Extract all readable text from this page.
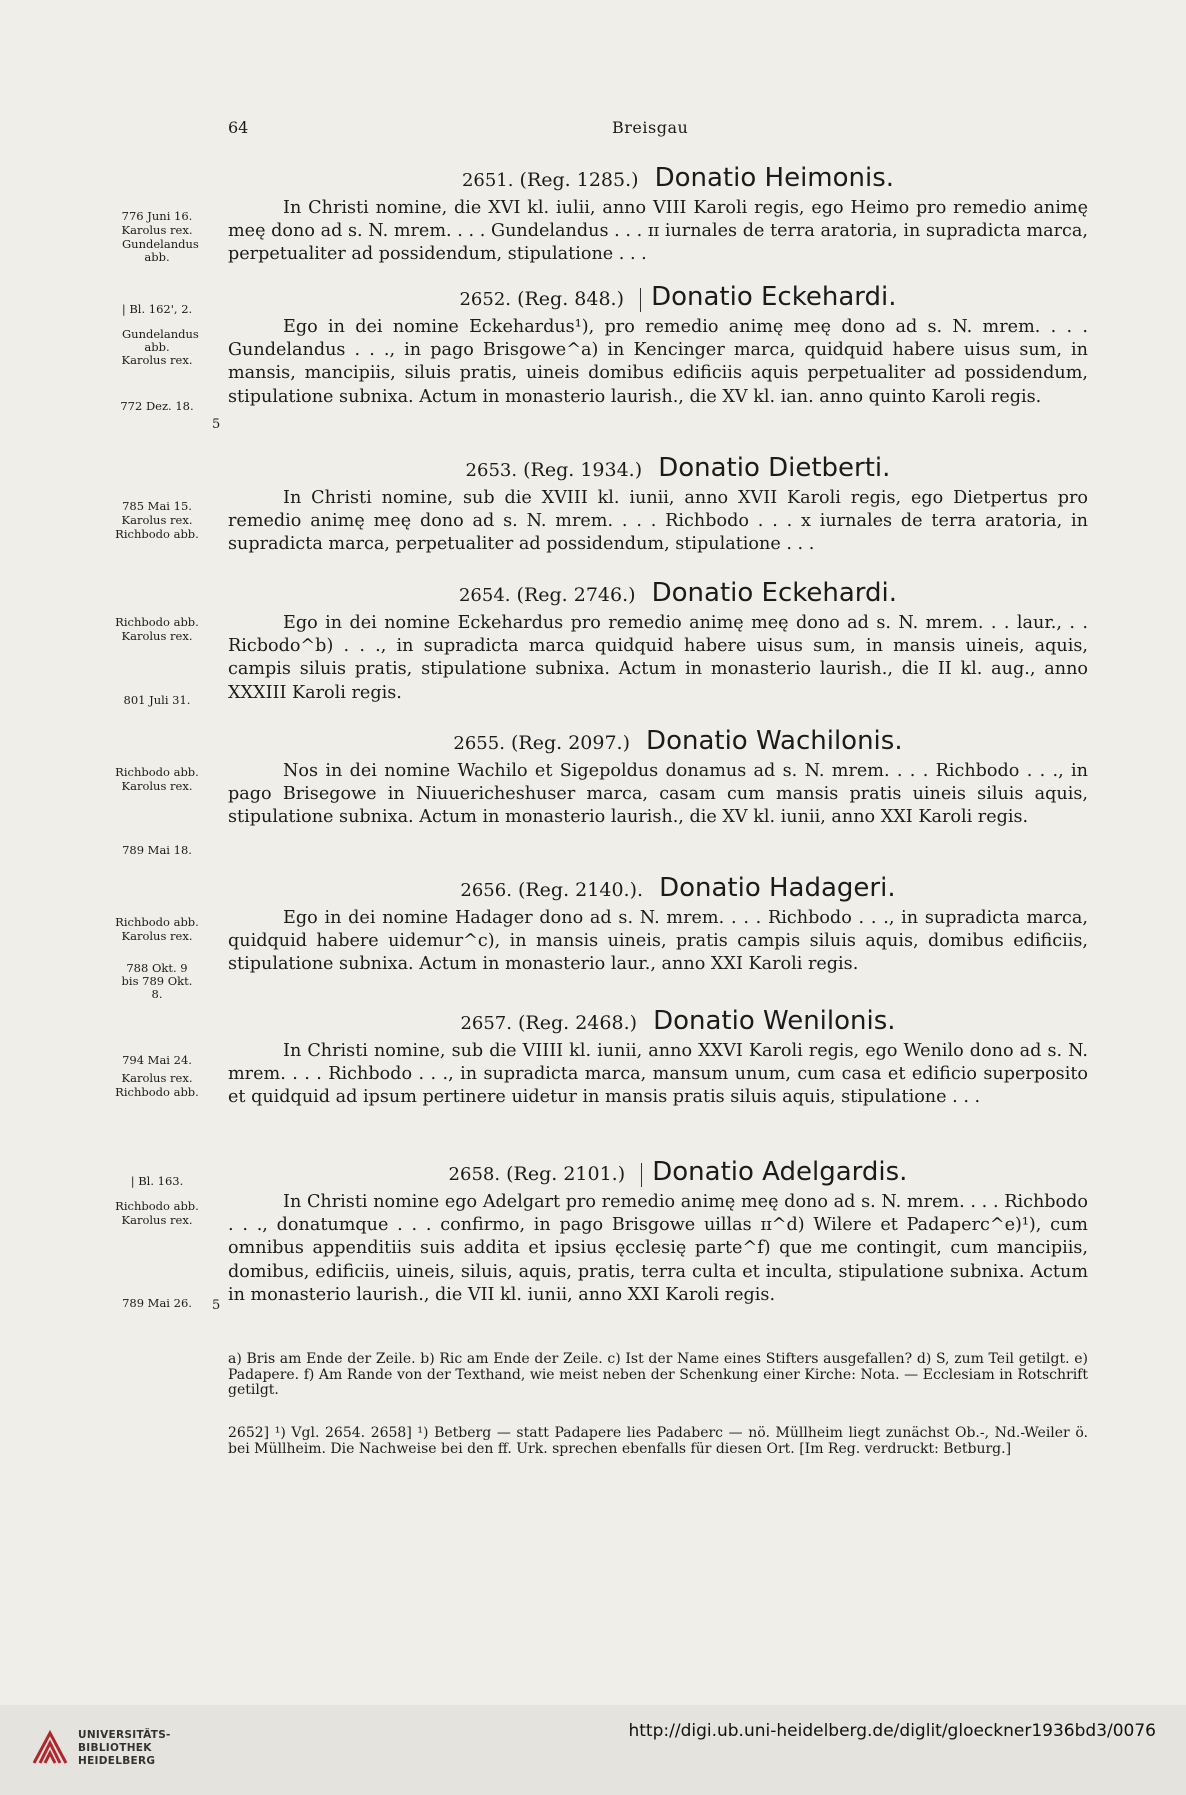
64	Breisgau
776 Juni 16.
Karolus rex.
Gundelandus abb.
| Bl. 162', 2.
Gundelandus abb.
Karolus rex.
772 Dez. 18.
785 Mai 15.
Karolus rex.
Richbodo abb.
Richbodo abb.
Karolus rex.
801 Juli 31.
Richbodo abb.
Karolus rex.
789 Mai 18.
Richbodo abb.
Karolus rex.
788 Okt. 9 bis 789 Okt. 8.
794 Mai 24.
Karolus rex.
Richbodo abb.
| Bl. 163.
Richbodo abb.
Karolus rex.
789 Mai 26.
5
5
2651. (Reg. 1285.) Donatio Heimonis.
In Christi nomine, die XVI kl. iulii, anno VIII Karoli regis, ego Heimo pro remedio animę meę dono ad s. N. mrem. . . . Gundelandus . . . ɪɪ iurnales de terra aratoria, in supradicta marca, perpetualiter ad possidendum, stipulatione . . .
2652. (Reg. 848.) Donatio Eckehardi.
Ego in dei nomine Eckehardus¹), pro remedio animę meę dono ad s. N. mrem. . . . Gundelandus . . ., in pago Brisgowe^a) in Kencinger marca, quidquid habere uisus sum, in mansis, mancipiis, siluis pratis, uineis domibus edificiis aquis perpetualiter ad possidendum, stipulatione subnixa. Actum in monasterio laurish., die XV kl. ian. anno quinto Karoli regis.
2653. (Reg. 1934.) Donatio Dietberti.
In Christi nomine, sub die XVIII kl. iunii, anno XVII Karoli regis, ego Dietpertus pro remedio animę meę dono ad s. N. mrem. . . . Richbodo . . . x iurnales de terra aratoria, in supradicta marca, perpetualiter ad possidendum, stipulatione . . .
2654. (Reg. 2746.) Donatio Eckehardi.
Ego in dei nomine Eckehardus pro remedio animę meę dono ad s. N. mrem. . . laur., . . Ricbodo^b) . . ., in supradicta marca quidquid habere uisus sum, in mansis uineis, aquis, campis siluis pratis, stipulatione subnixa. Actum in monasterio laurish., die II kl. aug., anno XXXIII Karoli regis.
2655. (Reg. 2097.) Donatio Wachilonis.
Nos in dei nomine Wachilo et Sigepoldus donamus ad s. N. mrem. . . . Richbodo . . ., in pago Brisegowe in Niuuericheshuser marca, casam cum mansis pratis uineis siluis aquis, stipulatione subnixa. Actum in monasterio laurish., die XV kl. iunii, anno XXI Karoli regis.
2656. (Reg. 2140.). Donatio Hadageri.
Ego in dei nomine Hadager dono ad s. N. mrem. . . . Richbodo . . ., in supradicta marca, quidquid habere uidemur^c), in mansis uineis, pratis campis siluis aquis, domibus edificiis, stipulatione subnixa. Actum in monasterio laur., anno XXI Karoli regis.
2657. (Reg. 2468.) Donatio Wenilonis.
In Christi nomine, sub die VIIII kl. iunii, anno XXVI Karoli regis, ego Wenilo dono ad s. N. mrem. . . . Richbodo . . ., in supradicta marca, mansum unum, cum casa et edificio superposito et quidquid ad ipsum pertinere uidetur in mansis pratis siluis aquis, stipulatione . . .
2658. (Reg. 2101.) Donatio Adelgardis.
In Christi nomine ego Adelgart pro remedio animę meę dono ad s. N. mrem. . . . Richbodo . . ., donatumque . . . confirmo, in pago Brisgowe uillas ɪɪ^d) Wilere et Padaperc^e)¹), cum omnibus appenditiis suis addita et ipsius ęcclesię parte^f) que me contingit, cum mancipiis, domibus, edificiis, uineis, siluis, aquis, pratis, terra culta et inculta, stipulatione subnixa. Actum in monasterio laurish., die VII kl. iunii, anno XXI Karoli regis.
a) Bris am Ende der Zeile. b) Ric am Ende der Zeile. c) Ist der Name eines Stifters ausgefallen? d) S, zum Teil getilgt. e) Padapere. f) Am Rande von der Texthand, wie meist neben der Schenkung einer Kirche: Nota. — Ecclesiam in Rotschrift getilgt.
2652] ¹) Vgl. 2654. 2658] ¹) Betberg — statt Padapere lies Padaberc — nö. Müllheim liegt zunächst Ob.-, Nd.-Weiler ö. bei Müllheim. Die Nachweise bei den ff. Urk. sprechen ebenfalls für diesen Ort. [Im Reg. verdruckt: Betburg.]
UNIVERSITÄTS-
BIBLIOTHEK
HEIDELBERG
http://digi.ub.uni-heidelberg.de/diglit/gloeckner1936bd3/0076
